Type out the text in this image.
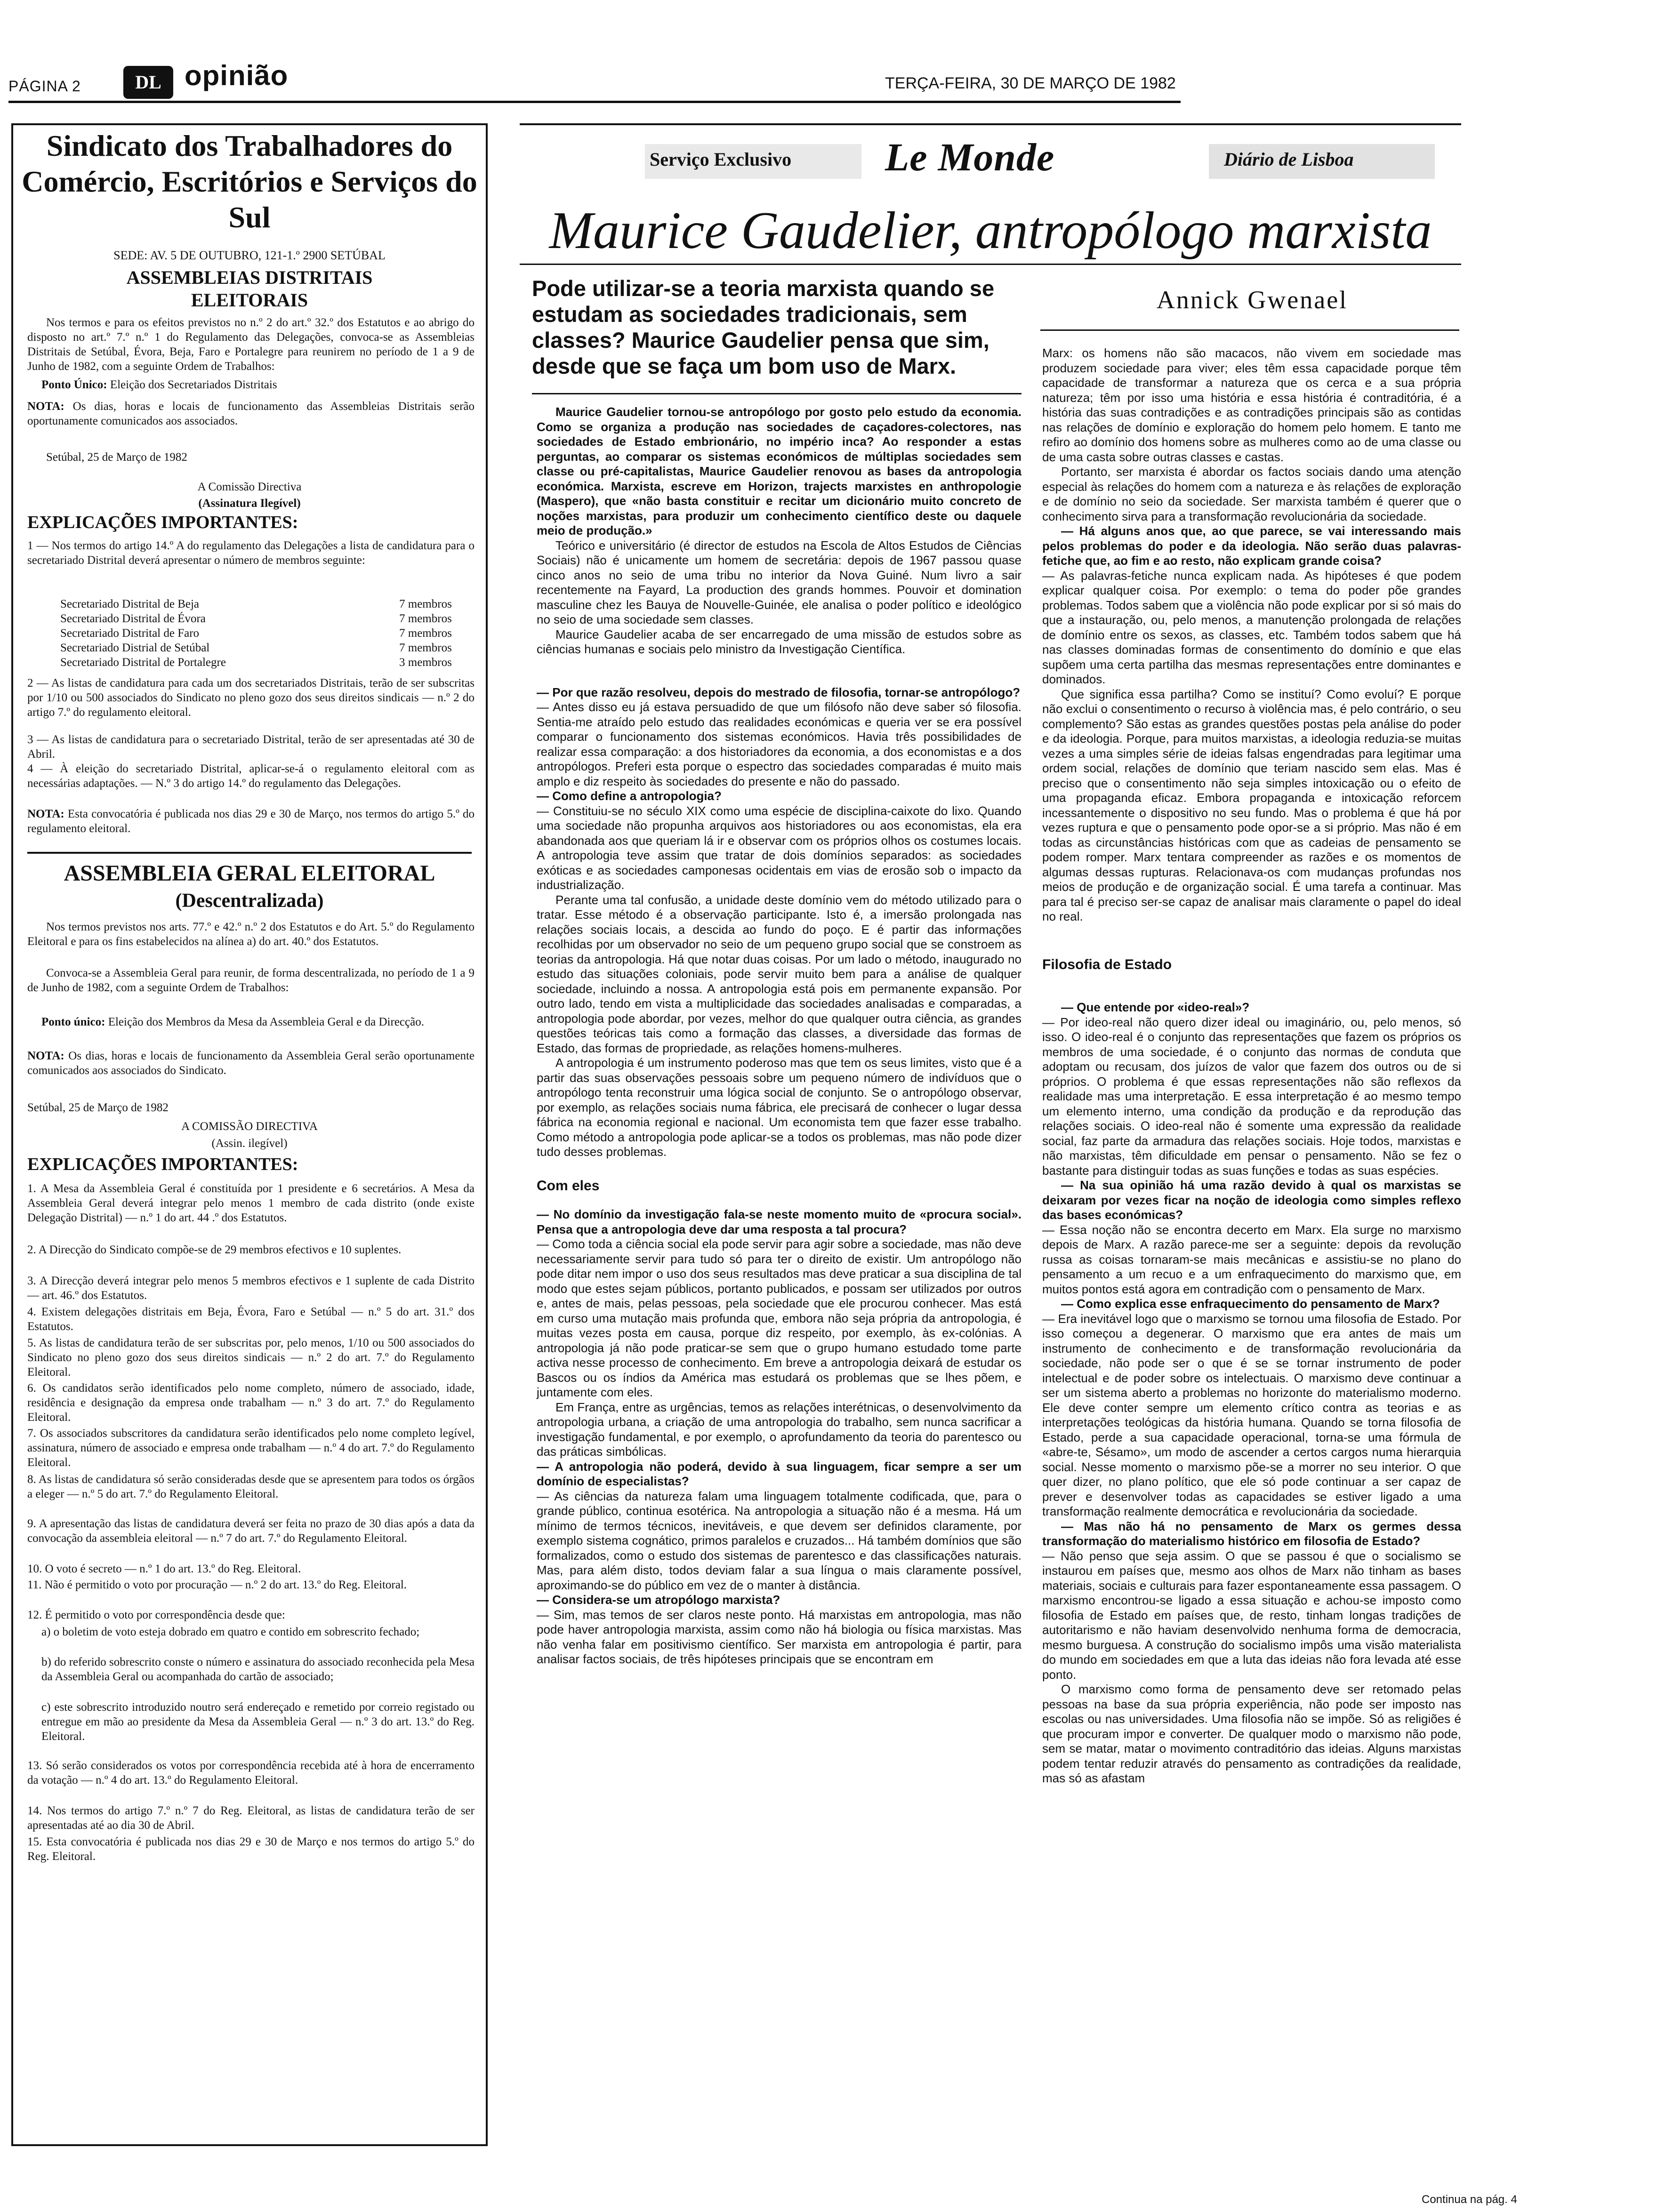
PÁGINA 2	DL opinião	TERÇA-FEIRA, 30 DE MARÇO DE 1982
Sindicato dos Trabalhadores do Comércio, Escritórios e Serviços do Sul
SEDE: AV. 5 DE OUTUBRO, 121-1.º 2900 SETÚBAL
ASSEMBLEIAS DISTRITAIS ELEITORAIS
Nos termos e para os efeitos previstos no n.º 2 do art.º 32.º dos Estatutos e ao abrigo do disposto no art.º 7.º n.º 1 do Regulamento das Delegações, convoca-se as Assembleias Distritais de Setúbal, Évora, Beja, Faro e Portalegre para reunirem no período de 1 a 9 de Junho de 1982, com a seguinte Ordem de Trabalhos:
Ponto Único: Eleição dos Secretariados Distritais
NOTA: Os dias, horas e locais de funcionamento das Assembleias Distritais serão oportunamente comunicados aos associados.
Setúbal, 25 de Março de 1982
A Comissão Directiva
(Assinatura Ilegível)
EXPLICAÇÕES IMPORTANTES:
1 — Nos termos do artigo 14.º A do regulamento das Delegações a lista de candidatura para o secretariado Distrital deverá apresentar o número de membros seguinte:
Secretariado Distrital de Beja	7 membros
Secretariado Distrital de Évora	7 membros
Secretariado Distrital de Faro	7 membros
Secretariado Distrial de Setúbal	7 membros
Secretariado Distrital de Portalegre	3 membros
2 — As listas de candidatura para cada um dos secretariados Distritais, terão de ser subscritas por 1/10 ou 500 associados do Sindicato no pleno gozo dos seus direitos sindicais — n.º 2 do artigo 7.º do regulamento eleitoral.
3 — As listas de candidatura para o secretariado Distrital, terão de ser apresentadas até 30 de Abril.
4 — À eleição do secretariado Distrital, aplicar-se-á o regulamento eleitoral com as necessárias adaptações. — N.º 3 do artigo 14.º do regulamento das Delegações.
NOTA: Esta convocatória é publicada nos dias 29 e 30 de Março, nos termos do artigo 5.º do regulamento eleitoral.
ASSEMBLEIA GERAL ELEITORAL
(Descentralizada)
Nos termos previstos nos arts. 77.º e 42.º n.º 2 dos Estatutos e do Art. 5.º do Regulamento Eleitoral e para os fins estabelecidos na alínea a) do art. 40.º dos Estatutos.
Convoca-se a Assembleia Geral para reunir, de forma descentralizada, no período de 1 a 9 de Junho de 1982, com a seguinte Ordem de Trabalhos:
Ponto único: Eleição dos Membros da Mesa da Assembleia Geral e da Direcção.
NOTA: Os dias, horas e locais de funcionamento da Assembleia Geral serão oportunamente comunicados aos associados do Sindicato.
Setúbal, 25 de Março de 1982
A COMISSÃO DIRECTIVA
(Assin. ilegível)
EXPLICAÇÕES IMPORTANTES:
1. A Mesa da Assembleia Geral é constituída por 1 presidente e 6 secretários. A Mesa da Assembleia Geral deverá integrar pelo menos 1 membro de cada distrito (onde existe Delegação Distrital) — n.º 1 do art. 44 .º dos Estatutos.
2. A Direcção do Sindicato compõe-se de 29 membros efectivos e 10 suplentes.
3. A Direcção deverá integrar pelo menos 5 membros efectivos e 1 suplente de cada Distrito — art. 46.º dos Estatutos.
4. Existem delegações distritais em Beja, Évora, Faro e Setúbal — n.º 5 do art. 31.º dos Estatutos.
5. As listas de candidatura terão de ser subscritas por, pelo menos, 1/10 ou 500 associados do Sindicato no pleno gozo dos seus direitos sindicais — n.º 2 do art. 7.º do Regulamento Eleitoral.
6. Os candidatos serão identificados pelo nome completo, número de associado, idade, residência e designação da empresa onde trabalham — n.º 3 do art. 7.º do Regulamento Eleitoral.
7. Os associados subscritores da candidatura serão identificados pelo nome completo legível, assinatura, número de associado e empresa onde trabalham — n.º 4 do art. 7.º do Regulamento Eleitoral.
8. As listas de candidatura só serão consideradas desde que se apresentem para todos os órgãos a eleger — n.º 5 do art. 7.º do Regulamento Eleitoral.
9. A apresentação das listas de candidatura deverá ser feita no prazo de 30 dias após a data da convocação da assembleia eleitoral — n.º 7 do art. 7.º do Regulamento Eleitoral.
10. O voto é secreto — n.º 1 do art. 13.º do Reg. Eleitoral.
11. Não é permitido o voto por procuração — n.º 2 do art. 13.º do Reg. Eleitoral.
12. É permitido o voto por correspondência desde que:
a) o boletim de voto esteja dobrado em quatro e contido em sobrescrito fechado;
b) do referido sobrescrito conste o número e assinatura do associado reconhecida pela Mesa da Assembleia Geral ou acompanhada do cartão de associado;
c) este sobrescrito introduzido noutro será endereçado e remetido por correio registado ou entregue em mão ao presidente da Mesa da Assembleia Geral — n.º 3 do art. 13.º do Reg. Eleitoral.
13. Só serão considerados os votos por correspondência recebida até à hora de encerramento da votação — n.º 4 do art. 13.º do Regulamento Eleitoral.
14. Nos termos do artigo 7.º n.º 7 do Reg. Eleitoral, as listas de candidatura terão de ser apresentadas até ao dia 30 de Abril.
15. Esta convocatória é publicada nos dias 29 e 30 de Março e nos termos do artigo 5.º do Reg. Eleitoral.
Serviço Exclusivo Le Monde	Diário de Lisboa
Maurice Gaudelier, antropólogo marxista
Pode utilizar-se a teoria marxista quando se estudam as sociedades tradicionais, sem classes? Maurice Gaudelier pensa que sim, desde que se faça um bom uso de Marx.
Annick Gwenael

Maurice Gaudelier tornou-se antropólogo por gosto pelo estudo da economia. Como se organiza a produção nas sociedades de caçadores-colectores, nas sociedades de Estado embrionário, no império inca? Ao responder a estas perguntas, ao comparar os sistemas económicos de múltiplas sociedades sem classe ou pré-capitalistas, Maurice Gaudelier renovou as bases da antropologia económica. Marxista, escreve em Horizon, trajects marxistes en anthropologie (Maspero), que «não basta constituir e recitar um dicionário muito concreto de noções marxistas, para produzir um conhecimento científico deste ou daquele meio de produção.»

Teórico e universitário (é director de estudos na Escola de Altos Estudos de Ciências Sociais) não é unicamente um homem de secretária: depois de 1967 passou quase cinco anos no seio de uma tribu no interior da Nova Guiné. Num livro a sair recentemente na Fayard, La production des grands hommes. Pouvoir et domination masculine chez les Bauya de Nouvelle-Guinée, ele analisa o poder político e ideológico no seio de uma sociedade sem classes.

Maurice Gaudelier acaba de ser encarregado de uma missão de estudos sobre as ciências humanas e sociais pelo ministro da Investigação Científica.

— Por que razão resolveu, depois do mestrado de filosofia, tornar-se antropólogo?

— Antes disso eu já estava persuadido de que um filósofo não deve saber só filosofia. Sentia-me atraído pelo estudo das realidades económicas e queria ver se era possível comparar o funcionamento dos sistemas económicos. Havia três possibilidades de realizar essa comparação: a dos historiadores da economia, a dos economistas e a dos antropólogos. Preferi esta porque o espectro das sociedades comparadas é muito mais amplo e diz respeito às sociedades do presente e não do passado.

— Como define a antropologia?

— Constituiu-se no século XIX como uma espécie de disciplina-caixote do lixo. Quando uma sociedade não propunha arquivos aos historiadores ou aos economistas, ela era abandonada aos que queriam lá ir e observar com os próprios olhos os costumes locais. A antropologia teve assim que tratar de dois domínios separados: as sociedades exóticas e as sociedades camponesas ocidentais em vias de erosão sob o impacto da industrialização.

Perante uma tal confusão, a unidade deste domínio vem do método utilizado para o tratar. Esse método é a observação participante. Isto é, a imersão prolongada nas relações sociais locais, a descida ao fundo do poço. E é partir das informações recolhidas por um observador no seio de um pequeno grupo social que se constroem as teorias da antropologia. Há que notar duas coisas. Por um lado o método, inaugurado no estudo das situações coloniais, pode servir muito bem para a análise de qualquer sociedade, incluindo a nossa. A antropologia está pois em permanente expansão. Por outro lado, tendo em vista a multiplicidade das sociedades analisadas e comparadas, a antropologia pode abordar, por vezes, melhor do que qualquer outra ciência, as grandes questões teóricas tais como a formação das classes, a diversidade das formas de Estado, das formas de propriedade, as relações homens-mulheres.

A antropologia é um instrumento poderoso mas que tem os seus limites, visto que é a partir das suas observações pessoais sobre um pequeno número de indivíduos que o antropólogo tenta reconstruir uma lógica social de conjunto. Se o antropólogo observar, por exemplo, as relações sociais numa fábrica, ele precisará de conhecer o lugar dessa fábrica na economia regional e nacional. Um economista tem que fazer esse trabalho. Como método a antropologia pode aplicar-se a todos os problemas, mas não pode dizer tudo desses problemas.

Com eles

— No domínio da investigação fala-se neste momento muito de «procura social». Pensa que a antropologia deve dar uma resposta a tal procura?

— Como toda a ciência social ela pode servir para agir sobre a sociedade, mas não deve necessariamente servir para tudo só para ter o direito de existir. Um antropólogo não pode ditar nem impor o uso dos seus resultados mas deve praticar a sua disciplina de tal modo que estes sejam públicos, portanto publicados, e possam ser utilizados por outros e, antes de mais, pelas pessoas, pela sociedade que ele procurou conhecer. Mas está em curso uma mutação mais profunda que, embora não seja própria da antropologia, é muitas vezes posta em causa, porque diz respeito, por exemplo, às ex-colónias. A antropologia já não pode praticar-se sem que o grupo humano estudado tome parte activa nesse processo de conhecimento. Em breve a antropologia deixará de estudar os Bascos ou os índios da América mas estudará os problemas que se lhes põem, e juntamente com eles.

Em França, entre as urgências, temos as relações interétnicas, o desenvolvimento da antropologia urbana, a criação de uma antropologia do trabalho, sem nunca sacrificar a investigação fundamental, e por exemplo, o aprofundamento da teoria do parentesco ou das práticas simbólicas.

— A antropologia não poderá, devido à sua linguagem, ficar sempre a ser um domínio de especialistas?

— As ciências da natureza falam uma linguagem totalmente codificada, que, para o grande público, continua esotérica. Na antropologia a situação não é a mesma. Há um mínimo de termos técnicos, inevitáveis, e que devem ser definidos claramente, por exemplo sistema cognático, primos paralelos e cruzados... Há também domínios que são formalizados, como o estudo dos sistemas de parentesco e das classificações naturais. Mas, para além disto, todos deviam falar a sua língua o mais claramente possível, aproximando-se do público em vez de o manter à distância.

— Considera-se um atropólogo marxista?

— Sim, mas temos de ser claros neste ponto. Há marxistas em antropologia, mas não pode haver antropologia marxista, assim como não há biologia ou física marxistas. Mas não venha falar em positivismo científico. Ser marxista em antropologia é partir, para analisar factos sociais, de três hipóteses principais que se encontram em

Marx: os homens não são macacos, não vivem em sociedade mas produzem sociedade para viver; eles têm essa capacidade porque têm capacidade de transformar a natureza que os cerca e a sua própria natureza; têm por isso uma história e essa história é contraditória, é a história das suas contradições e as contradições principais são as contidas nas relações de domínio e exploração do homem pelo homem. E tanto me refiro ao domínio dos homens sobre as mulheres como ao de uma classe ou de uma casta sobre outras classes e castas.

Portanto, ser marxista é abordar os factos sociais dando uma atenção especial às relações do homem com a natureza e às relações de exploração e de domínio no seio da sociedade. Ser marxista também é querer que o conhecimento sirva para a transformação revolucionária da sociedade.

— Há alguns anos que, ao que parece, se vai interessando mais pelos problemas do poder e da ideologia. Não serão duas palavras-fetiche que, ao fim e ao resto, não explicam grande coisa?

— As palavras-fetiche nunca explicam nada. As hipóteses é que podem explicar qualquer coisa. Por exemplo: o tema do poder põe grandes problemas. Todos sabem que a violência não pode explicar por si só mais do que a instauração, ou, pelo menos, a manutenção prolongada de relações de domínio entre os sexos, as classes, etc. Também todos sabem que há nas classes dominadas formas de consentimento do domínio e que elas supõem uma certa partilha das mesmas representações entre dominantes e dominados.

Que significa essa partilha? Como se instituí? Como evoluí? E porque não exclui o consentimento o recurso à violência mas, é pelo contrário, o seu complemento? São estas as grandes questões postas pela análise do poder e da ideologia. Porque, para muitos marxistas, a ideologia reduzia-se muitas vezes a uma simples série de ideias falsas engendradas para legitimar uma ordem social, relações de domínio que teriam nascido sem elas. Mas é preciso que o consentimento não seja simples intoxicação ou o efeito de uma propaganda eficaz. Embora propaganda e intoxicação reforcem incessantemente o dispositivo no seu fundo. Mas o problema é que há por vezes ruptura e que o pensamento pode opor-se a si próprio. Mas não é em todas as circunstâncias históricas com que as cadeias de pensamento se podem romper. Marx tentara compreender as razões e os momentos de algumas dessas rupturas. Relacionava-os com mudanças profundas nos meios de produção e de organização social. É uma tarefa a continuar. Mas para tal é preciso ser-se capaz de analisar mais claramente o papel do ideal no real.

Filosofia de Estado

— Que entende por «ideo-real»?

— Por ideo-real não quero dizer ideal ou imaginário, ou, pelo menos, só isso. O ideo-real é o conjunto das representações que fazem os próprios os membros de uma sociedade, é o conjunto das normas de conduta que adoptam ou recusam, dos juízos de valor que fazem dos outros ou de si próprios. O problema é que essas representações não são reflexos da realidade mas uma interpretação. E essa interpretação é ao mesmo tempo um elemento interno, uma condição da produção e da reprodução das relações sociais. O ideo-real não é somente uma expressão da realidade social, faz parte da armadura das relações sociais. Hoje todos, marxistas e não marxistas, têm dificuldade em pensar o pensamento. Não se fez o bastante para distinguir todas as suas funções e todas as suas espécies.

— Na sua opinião há uma razão devido à qual os marxistas se deixaram por vezes ficar na noção de ideologia como simples reflexo das bases económicas?

— Essa noção não se encontra decerto em Marx. Ela surge no marxismo depois de Marx. A razão parece-me ser a seguinte: depois da revolução russa as coisas tornaram-se mais mecânicas e assistiu-se no plano do pensamento a um recuo e a um enfraquecimento do marxismo que, em muitos pontos está agora em contradição com o pensamento de Marx.

— Como explica esse enfraquecimento do pensamento de Marx?

— Era inevitável logo que o marxismo se tornou uma filosofia de Estado. Por isso começou a degenerar. O marxismo que era antes de mais um instrumento de conhecimento e de transformação revolucionária da sociedade, não pode ser o que é se se tornar instrumento de poder intelectual e de poder sobre os intelectuais. O marxismo deve continuar a ser um sistema aberto a problemas no horizonte do materialismo moderno. Ele deve conter sempre um elemento crítico contra as teorias e as interpretações teológicas da história humana. Quando se torna filosofia de Estado, perde a sua capacidade operacional, torna-se uma fórmula de «abre-te, Sésamo», um modo de ascender a certos cargos numa hierarquia social. Nesse momento o marxismo põe-se a morrer no seu interior. O que quer dizer, no plano político, que ele só pode continuar a ser capaz de prever e desenvolver todas as capacidades se estiver ligado a uma transformação realmente democrática e revolucionária da sociedade.

— Mas não há no pensamento de Marx os germes dessa transformação do materialismo histórico em filosofia de Estado?

— Não penso que seja assim. O que se passou é que o socialismo se instaurou em países que, mesmo aos olhos de Marx não tinham as bases materiais, sociais e culturais para fazer espontaneamente essa passagem. O marxismo encontrou-se ligado a essa situação e achou-se imposto como filosofia de Estado em países que, de resto, tinham longas tradições de autoritarismo e não haviam desenvolvido nenhuma forma de democracia, mesmo burguesa. A construção do socialismo impôs uma visão materialista do mundo em sociedades em que a luta das ideias não fora levada até esse ponto.

O marxismo como forma de pensamento deve ser retomado pelas pessoas na base da sua própria experiência, não pode ser imposto nas escolas ou nas universidades. Uma filosofia não se impõe. Só as religiões é que procuram impor e converter. De qualquer modo o marxismo não pode, sem se matar, matar o movimento contraditório das ideias. Alguns marxistas podem tentar reduzir através do pensamento as contradições da realidade, mas só as afastam

Continua na pág. 4
